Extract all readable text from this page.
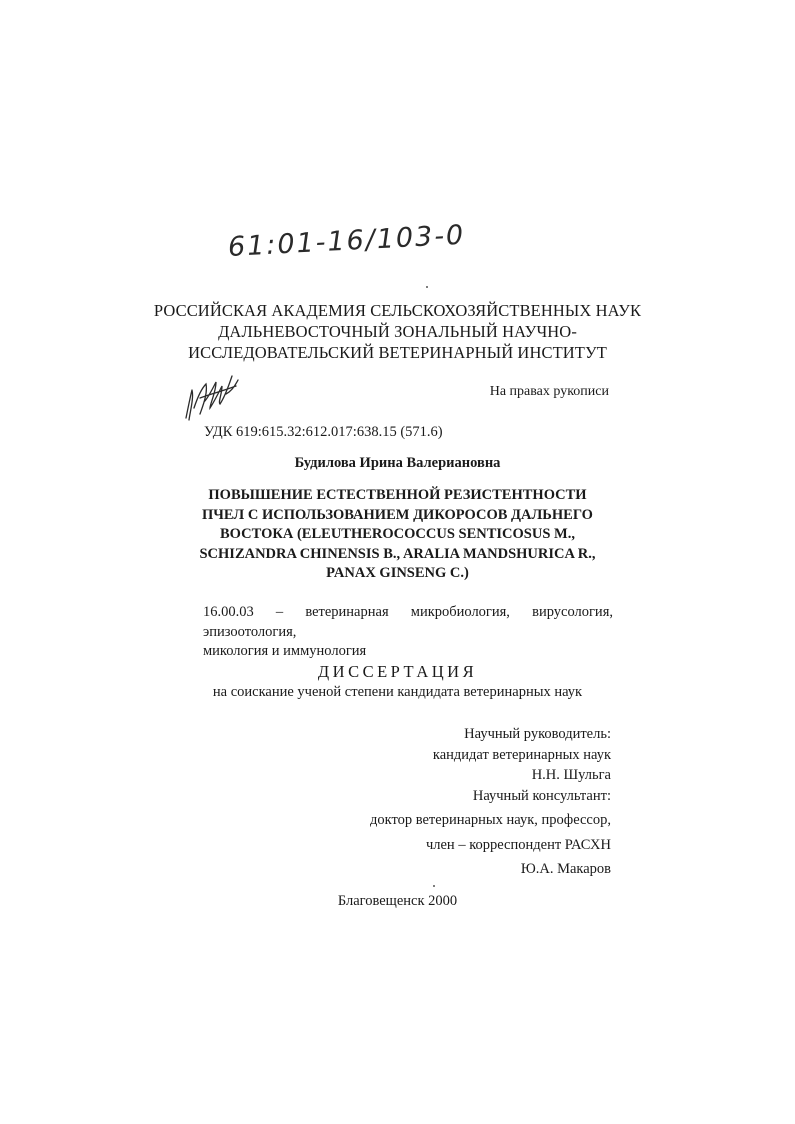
61:01-16/103-0
РОССИЙСКАЯ АКАДЕМИЯ СЕЛЬСКОХОЗЯЙСТВЕННЫХ НАУК
ДАЛЬНЕВОСТОЧНЫЙ ЗОНАЛЬНЫЙ НАУЧНО-
ИССЛЕДОВАТЕЛЬСКИЙ ВЕТЕРИНАРНЫЙ ИНСТИТУТ
На правах рукописи
УДК 619:615.32:612.017:638.15 (571.6)
Будилова Ирина Валериановна
ПОВЫШЕНИЕ ЕСТЕСТВЕННОЙ РЕЗИСТЕНТНОСТИ
ПЧЕЛ С ИСПОЛЬЗОВАНИЕМ ДИКОРОСОВ ДАЛЬНЕГО
ВОСТОКА (ELEUTHEROCOCCUS SENTICOSUS M.,
SCHIZANDRA CHINENSIS B., ARALIA MANDSHURICA R.,
PANAX GINSENG C.)
16.00.03 – ветеринарная микробиология, вирусология, эпизоотология,
микология и иммунология
ДИССЕРТАЦИЯ
на соискание ученой степени кандидата ветеринарных наук
Научный руководитель:
кандидат ветеринарных наук
Н.Н. Шульга
Научный консультант:
доктор ветеринарных наук, профессор,
член – корреспондент РАСХН
Ю.А. Макаров
Благовещенск 2000
